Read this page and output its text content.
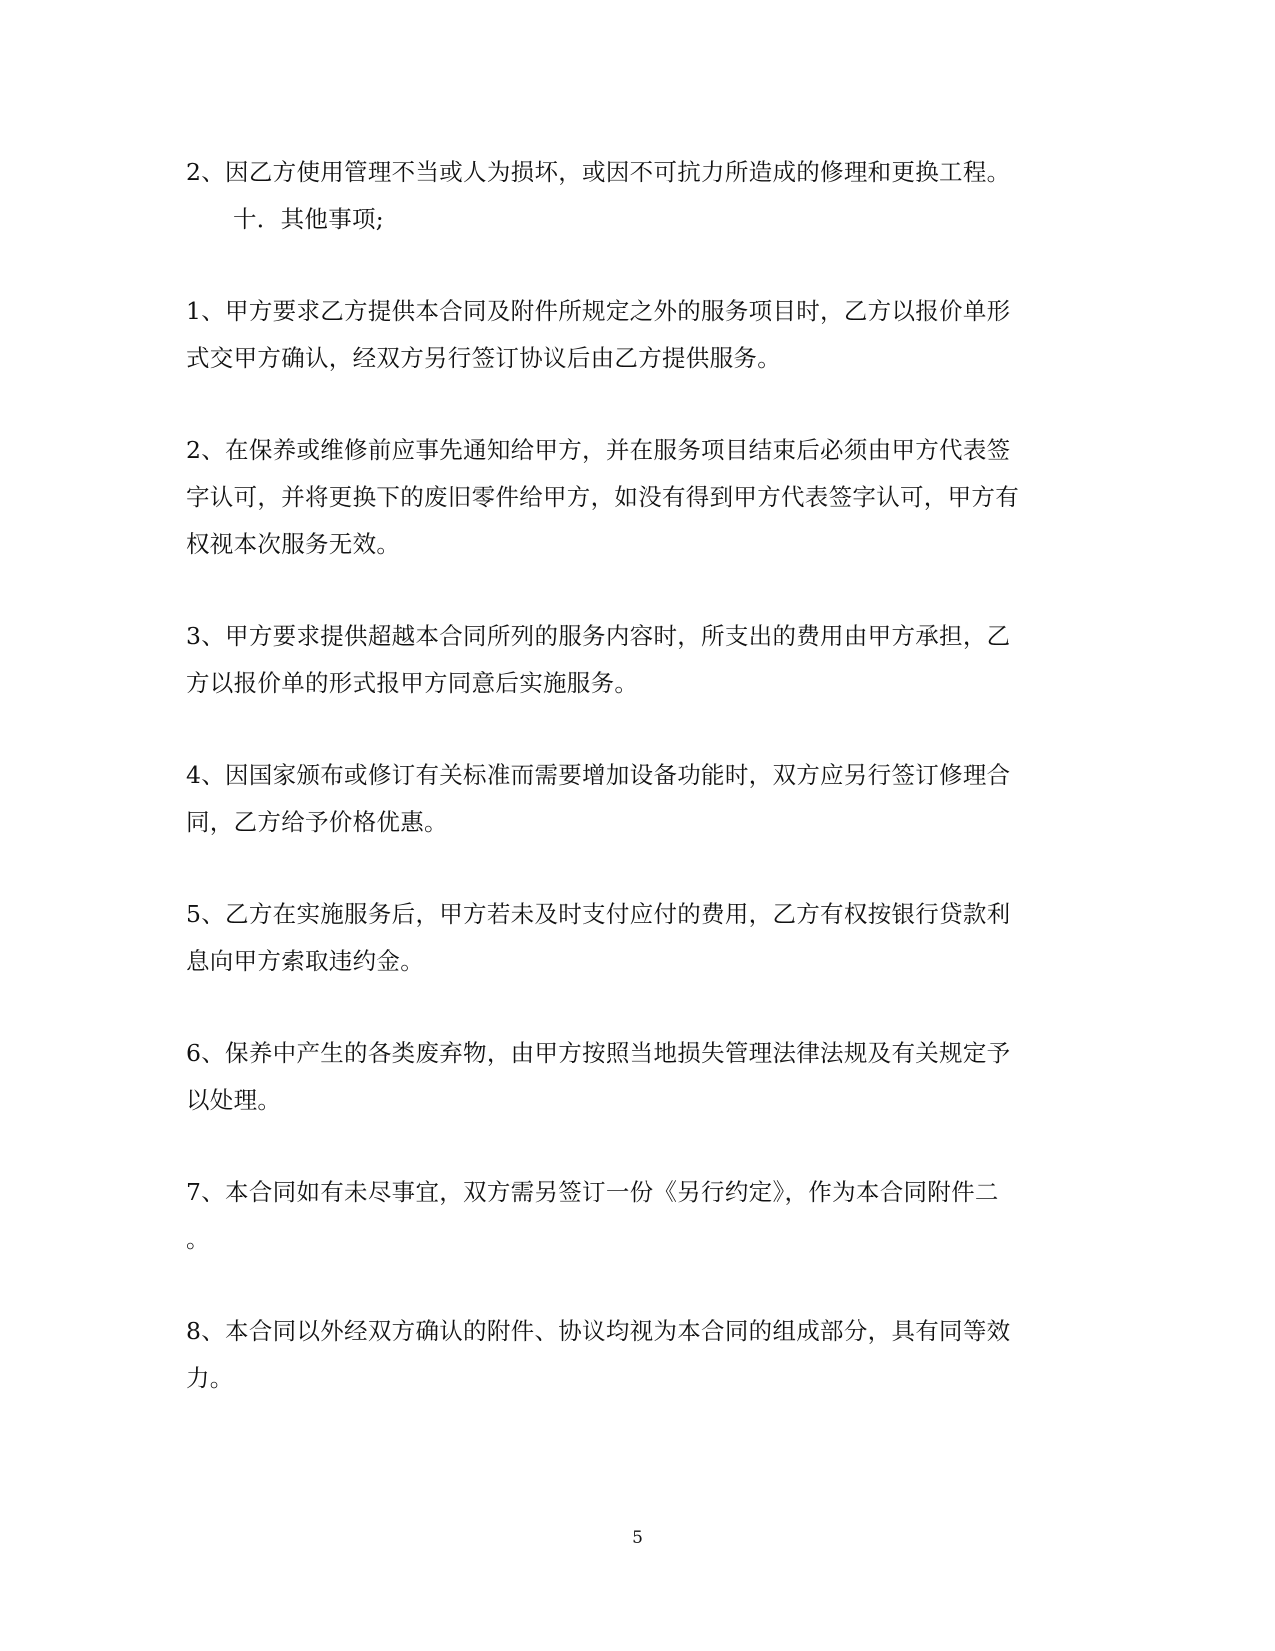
2、因乙方使用管理不当或人为损坏，或因不可抗力所造成的修理和更换工程。
十．其他事项;
1、甲方要求乙方提供本合同及附件所规定之外的服务项目时，乙方以报价单形
式交甲方确认，经双方另行签订协议后由乙方提供服务。
2、在保养或维修前应事先通知给甲方，并在服务项目结束后必须由甲方代表签
字认可，并将更换下的废旧零件给甲方，如没有得到甲方代表签字认可，甲方有
权视本次服务无效。
3、甲方要求提供超越本合同所列的服务内容时，所支出的费用由甲方承担，乙
方以报价单的形式报甲方同意后实施服务。
4、因国家颁布或修订有关标准而需要增加设备功能时，双方应另行签订修理合
同，乙方给予价格优惠。
5、乙方在实施服务后，甲方若未及时支付应付的费用，乙方有权按银行贷款利
息向甲方索取违约金。
6、保养中产生的各类废弃物，由甲方按照当地损失管理法律法规及有关规定予
以处理。
7、本合同如有未尽事宜，双方需另签订一份《另行约定》，作为本合同附件二
。
8、本合同以外经双方确认的附件、协议均视为本合同的组成部分，具有同等效
力。
5
